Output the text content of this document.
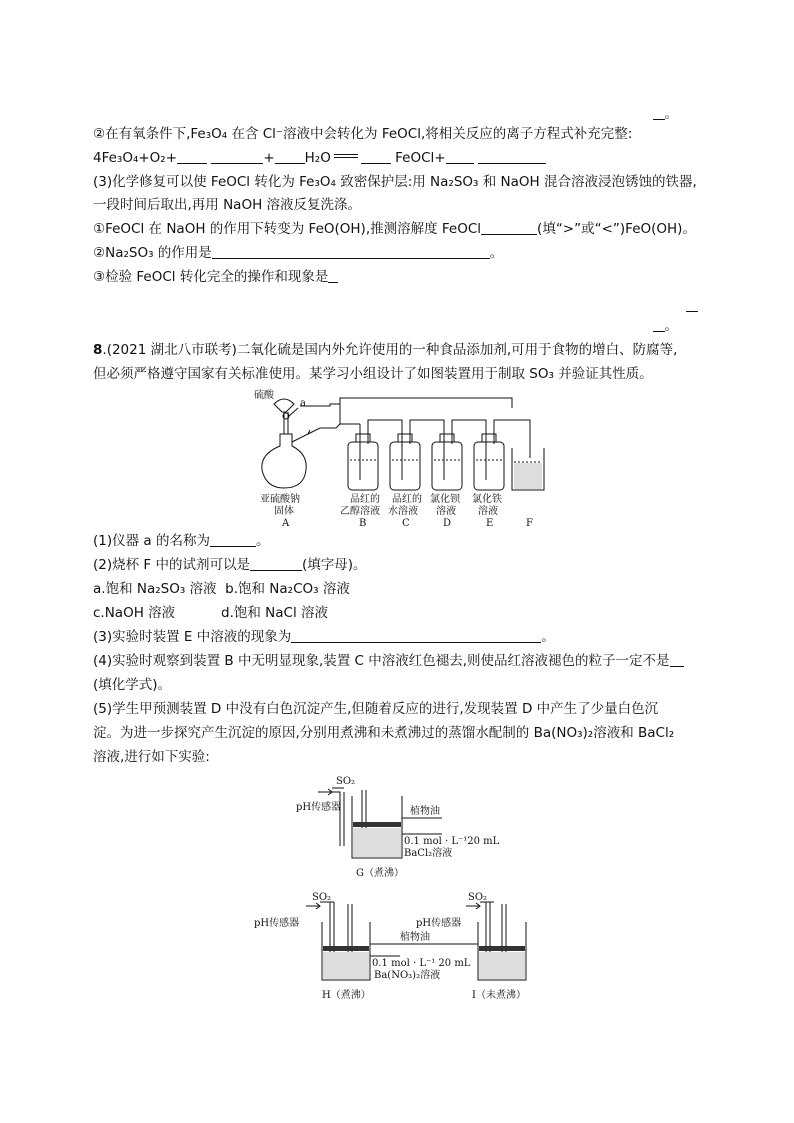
。
②在有氧条件下,Fe₃O₄ 在含 Cl⁻溶液中会转化为 FeOCl,将相关反应的离子方程式补充完整:
4Fe₃O₄+O₂+	+ H₂O	FeOCl+
(3)化学修复可以使 FeOCl 转化为 Fe₃O₄ 致密保护层:用 Na₂SO₃ 和 NaOH 混合溶液浸泡锈蚀的铁器,
一段时间后取出,再用 NaOH 溶液反复洗涤。
①FeOCl 在 NaOH 的作用下转变为 FeO(OH),推测溶解度 FeOCl	(填“>”或“<”)FeO(OH)。
②Na₂SO₃ 的作用是	。
③检验 FeOCl 转化完全的操作和现象是
。
8.(2021 湖北八市联考)二氧化硫是国内外允许使用的一种食品添加剂,可用于食物的增白、防腐等,
但必须严格遵守国家有关标准使用。某学习小组设计了如图装置用于制取 SO₃ 并验证其性质。
硫酸
a
亚硫酸钠
固体
A
品红的
乙醇溶液
B
品红的
水溶液
C
氯化钡
溶液
D
氯化铁
溶液
E	F
(1)仪器 a 的名称为	。
(2)烧杯 F 中的试剂可以是	(填字母)。
a.饱和 Na₂SO₃ 溶液 b.饱和 Na₂CO₃ 溶液
c.NaOH 溶液	d.饱和 NaCl 溶液
(3)实验时装置 E 中溶液的现象为	。
(4)实验时观察到装置 B 中无明显现象,装置 C 中溶液红色褪去,则使品红溶液褪色的粒子一定不是
(填化学式)。
(5)学生甲预测装置 D 中没有白色沉淀产生,但随着反应的进行,发现装置 D 中产生了少量白色沉
淀。为进一步探究产生沉淀的原因,分别用煮沸和未煮沸过的蒸馏水配制的 Ba(NO₃)₂溶液和 BaCl₂
溶液,进行如下实验:
SO₂
pH传感器	植物油
0.1 mol · L⁻¹20 mL
BaCl₂溶液
G（煮沸）
SO₂
pH传感器
SO₂
pH传感器
植物油
0.1 mol · L⁻¹ 20 mL
Ba(NO₃)₂溶液
H（煮沸）	I（未煮沸）
